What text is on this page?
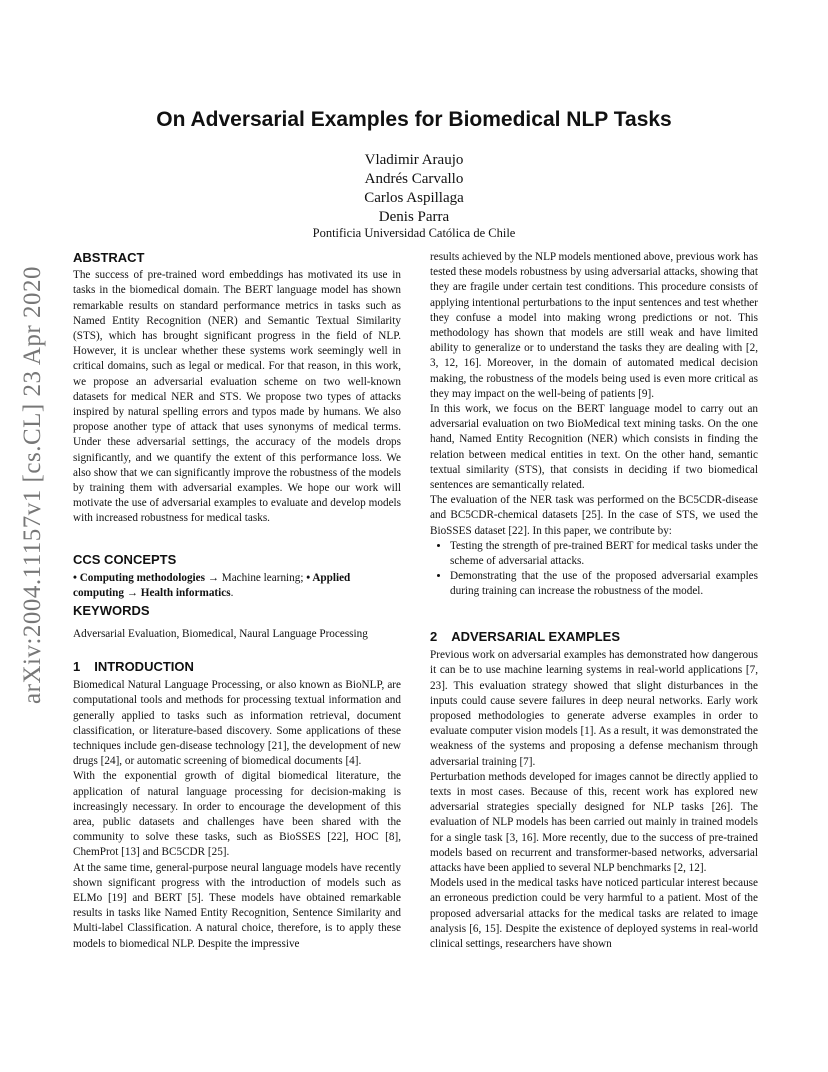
arXiv:2004.11157v1 [cs.CL] 23 Apr 2020
On Adversarial Examples for Biomedical NLP Tasks
Vladimir Araujo
Andrés Carvallo
Carlos Aspillaga
Denis Parra
Pontificia Universidad Católica de Chile
ABSTRACT

The success of pre-trained word embeddings has motivated its use in tasks in the biomedical domain. The BERT language model has shown remarkable results on standard performance metrics in tasks such as Named Entity Recognition (NER) and Semantic Textual Similarity (STS), which has brought significant progress in the field of NLP. However, it is unclear whether these systems work seemingly well in critical domains, such as legal or medical. For that reason, in this work, we propose an adversarial evaluation scheme on two well-known datasets for medical NER and STS. We propose two types of attacks inspired by natural spelling errors and typos made by humans. We also propose another type of attack that uses synonyms of medical terms. Under these adversarial settings, the accuracy of the models drops significantly, and we quantify the extent of this performance loss. We also show that we can significantly improve the robustness of the models by training them with adversarial examples. We hope our work will motivate the use of adversarial examples to evaluate and develop models with increased robustness for medical tasks.

CCS CONCEPTS

• Computing methodologies → Machine learning; • Applied computing → Health informatics.

KEYWORDS

Adversarial Evaluation, Biomedical, Naural Language Processing

1 INTRODUCTION

Biomedical Natural Language Processing, or also known as BioNLP, are computational tools and methods for processing textual information and generally applied to tasks such as information retrieval, document classification, or literature-based discovery. Some applications of these techniques include gen-disease technology [21], the development of new drugs [24], or automatic screening of biomedical documents [4].

With the exponential growth of digital biomedical literature, the application of natural language processing for decision-making is increasingly necessary. In order to encourage the development of this area, public datasets and challenges have been shared with the community to solve these tasks, such as BioSSES [22], HOC [8], ChemProt [13] and BC5CDR [25].

At the same time, general-purpose neural language models have recently shown significant progress with the introduction of models such as ELMo [19] and BERT [5]. These models have obtained remarkable results in tasks like Named Entity Recognition, Sentence Similarity and Multi-label Classification. A natural choice, therefore, is to apply these models to biomedical NLP. Despite the impressive

results achieved by the NLP models mentioned above, previous work has tested these models robustness by using adversarial attacks, showing that they are fragile under certain test conditions. This procedure consists of applying intentional perturbations to the input sentences and test whether they confuse a model into making wrong predictions or not. This methodology has shown that models are still weak and have limited ability to generalize or to understand the tasks they are dealing with [2, 3, 12, 16]. Moreover, in the domain of automated medical decision making, the robustness of the models being used is even more critical as they may impact on the well-being of patients [9].

In this work, we focus on the BERT language model to carry out an adversarial evaluation on two BioMedical text mining tasks. On the one hand, Named Entity Recognition (NER) which consists in finding the relation between medical entities in text. On the other hand, semantic textual similarity (STS), that consists in deciding if two biomedical sentences are semantically related.

The evaluation of the NER task was performed on the BC5CDR-disease and BC5CDR-chemical datasets [25]. In the case of STS, we used the BioSSES dataset [22]. In this paper, we contribute by:

• Testing the strength of pre-trained BERT for medical tasks under the scheme of adversarial attacks.
• Demonstrating that the use of the proposed adversarial examples during training can increase the robustness of the model.
2 ADVERSARIAL EXAMPLES

Previous work on adversarial examples has demonstrated how dangerous it can be to use machine learning systems in real-world applications [7, 23]. This evaluation strategy showed that slight disturbances in the inputs could cause severe failures in deep neural networks. Early work proposed methodologies to generate adverse examples in order to evaluate computer vision models [1]. As a result, it was demonstrated the weakness of the systems and proposing a defense mechanism through adversarial training [7].

Perturbation methods developed for images cannot be directly applied to texts in most cases. Because of this, recent work has explored new adversarial strategies specially designed for NLP tasks [26]. The evaluation of NLP models has been carried out mainly in trained models for a single task [3, 16]. More recently, due to the success of pre-trained models based on recurrent and transformer-based networks, adversarial attacks have been applied to several NLP benchmarks [2, 12].

Models used in the medical tasks have noticed particular interest because an erroneous prediction could be very harmful to a patient. Most of the proposed adversarial attacks for the medical tasks are related to image analysis [6, 15]. Despite the existence of deployed systems in real-world clinical settings, researchers have shown
